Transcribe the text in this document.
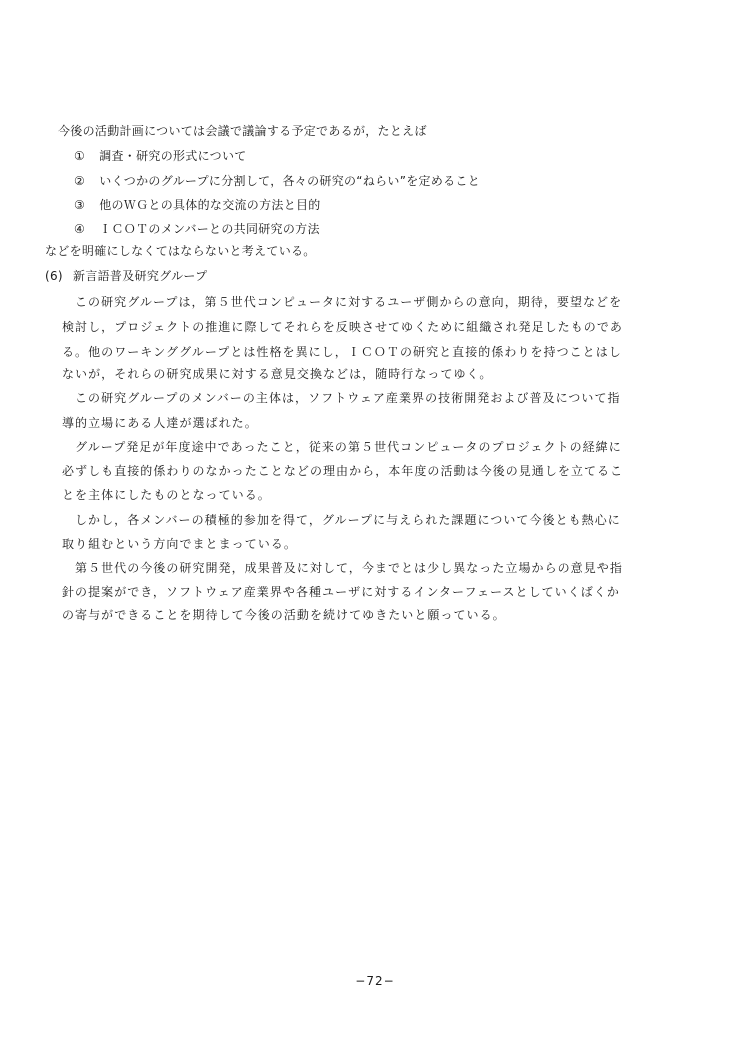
今後の活動計画については会議で議論する予定であるが，たとえば
① 調査・研究の形式について
② いくつかのグループに分割して，各々の研究の“ねらい”を定めること
③ 他のＷＧとの具体的な交流の方法と目的
④ ＩＣＯＴのメンバーとの共同研究の方法
などを明確にしなくてはならないと考えている。
(6) 新言語普及研究グループ
この研究グループは，第５世代コンピュータに対するユーザ側からの意向，期待，要望などを
検討し，プロジェクトの推進に際してそれらを反映させてゆくために組織され発足したものであ
る。他のワーキンググループとは性格を異にし，ＩＣＯＴの研究と直接的係わりを持つことはし
ないが，それらの研究成果に対する意見交換などは，随時行なってゆく。
この研究グループのメンバーの主体は，ソフトウェア産業界の技術開発および普及について指
導的立場にある人達が選ばれた。
グループ発足が年度途中であったこと，従来の第５世代コンピュータのプロジェクトの経緯に
必ずしも直接的係わりのなかったことなどの理由から，本年度の活動は今後の見通しを立てるこ
とを主体にしたものとなっている。
しかし，各メンバーの積極的参加を得て，グループに与えられた課題について今後とも熱心に
取り組むという方向でまとまっている。
第５世代の今後の研究開発，成果普及に対して，今までとは少し異なった立場からの意見や指
針の提案ができ，ソフトウェア産業界や各種ユーザに対するインターフェースとしていくばくか
の寄与ができることを期待して今後の活動を続けてゆきたいと願っている。
−72−
